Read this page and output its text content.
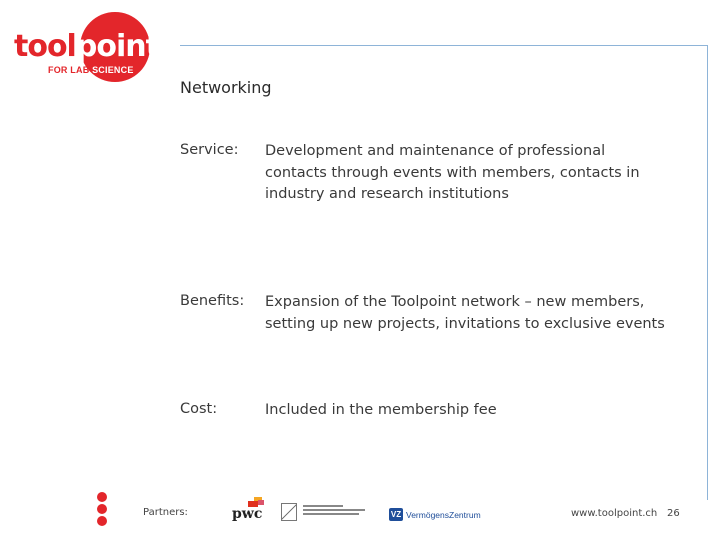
toolpoint
FOR LAB SCIENCE
Networking
Service: Development and maintenance of professional contacts through events with members, contacts in industry and research institutions
Benefits: Expansion of the Toolpoint network – new members, setting up new projects, invitations to exclusive events
Cost:	Included in the membership fee
Partners:	pwc	VZ VermögensZentrum	www.toolpoint.ch 26
